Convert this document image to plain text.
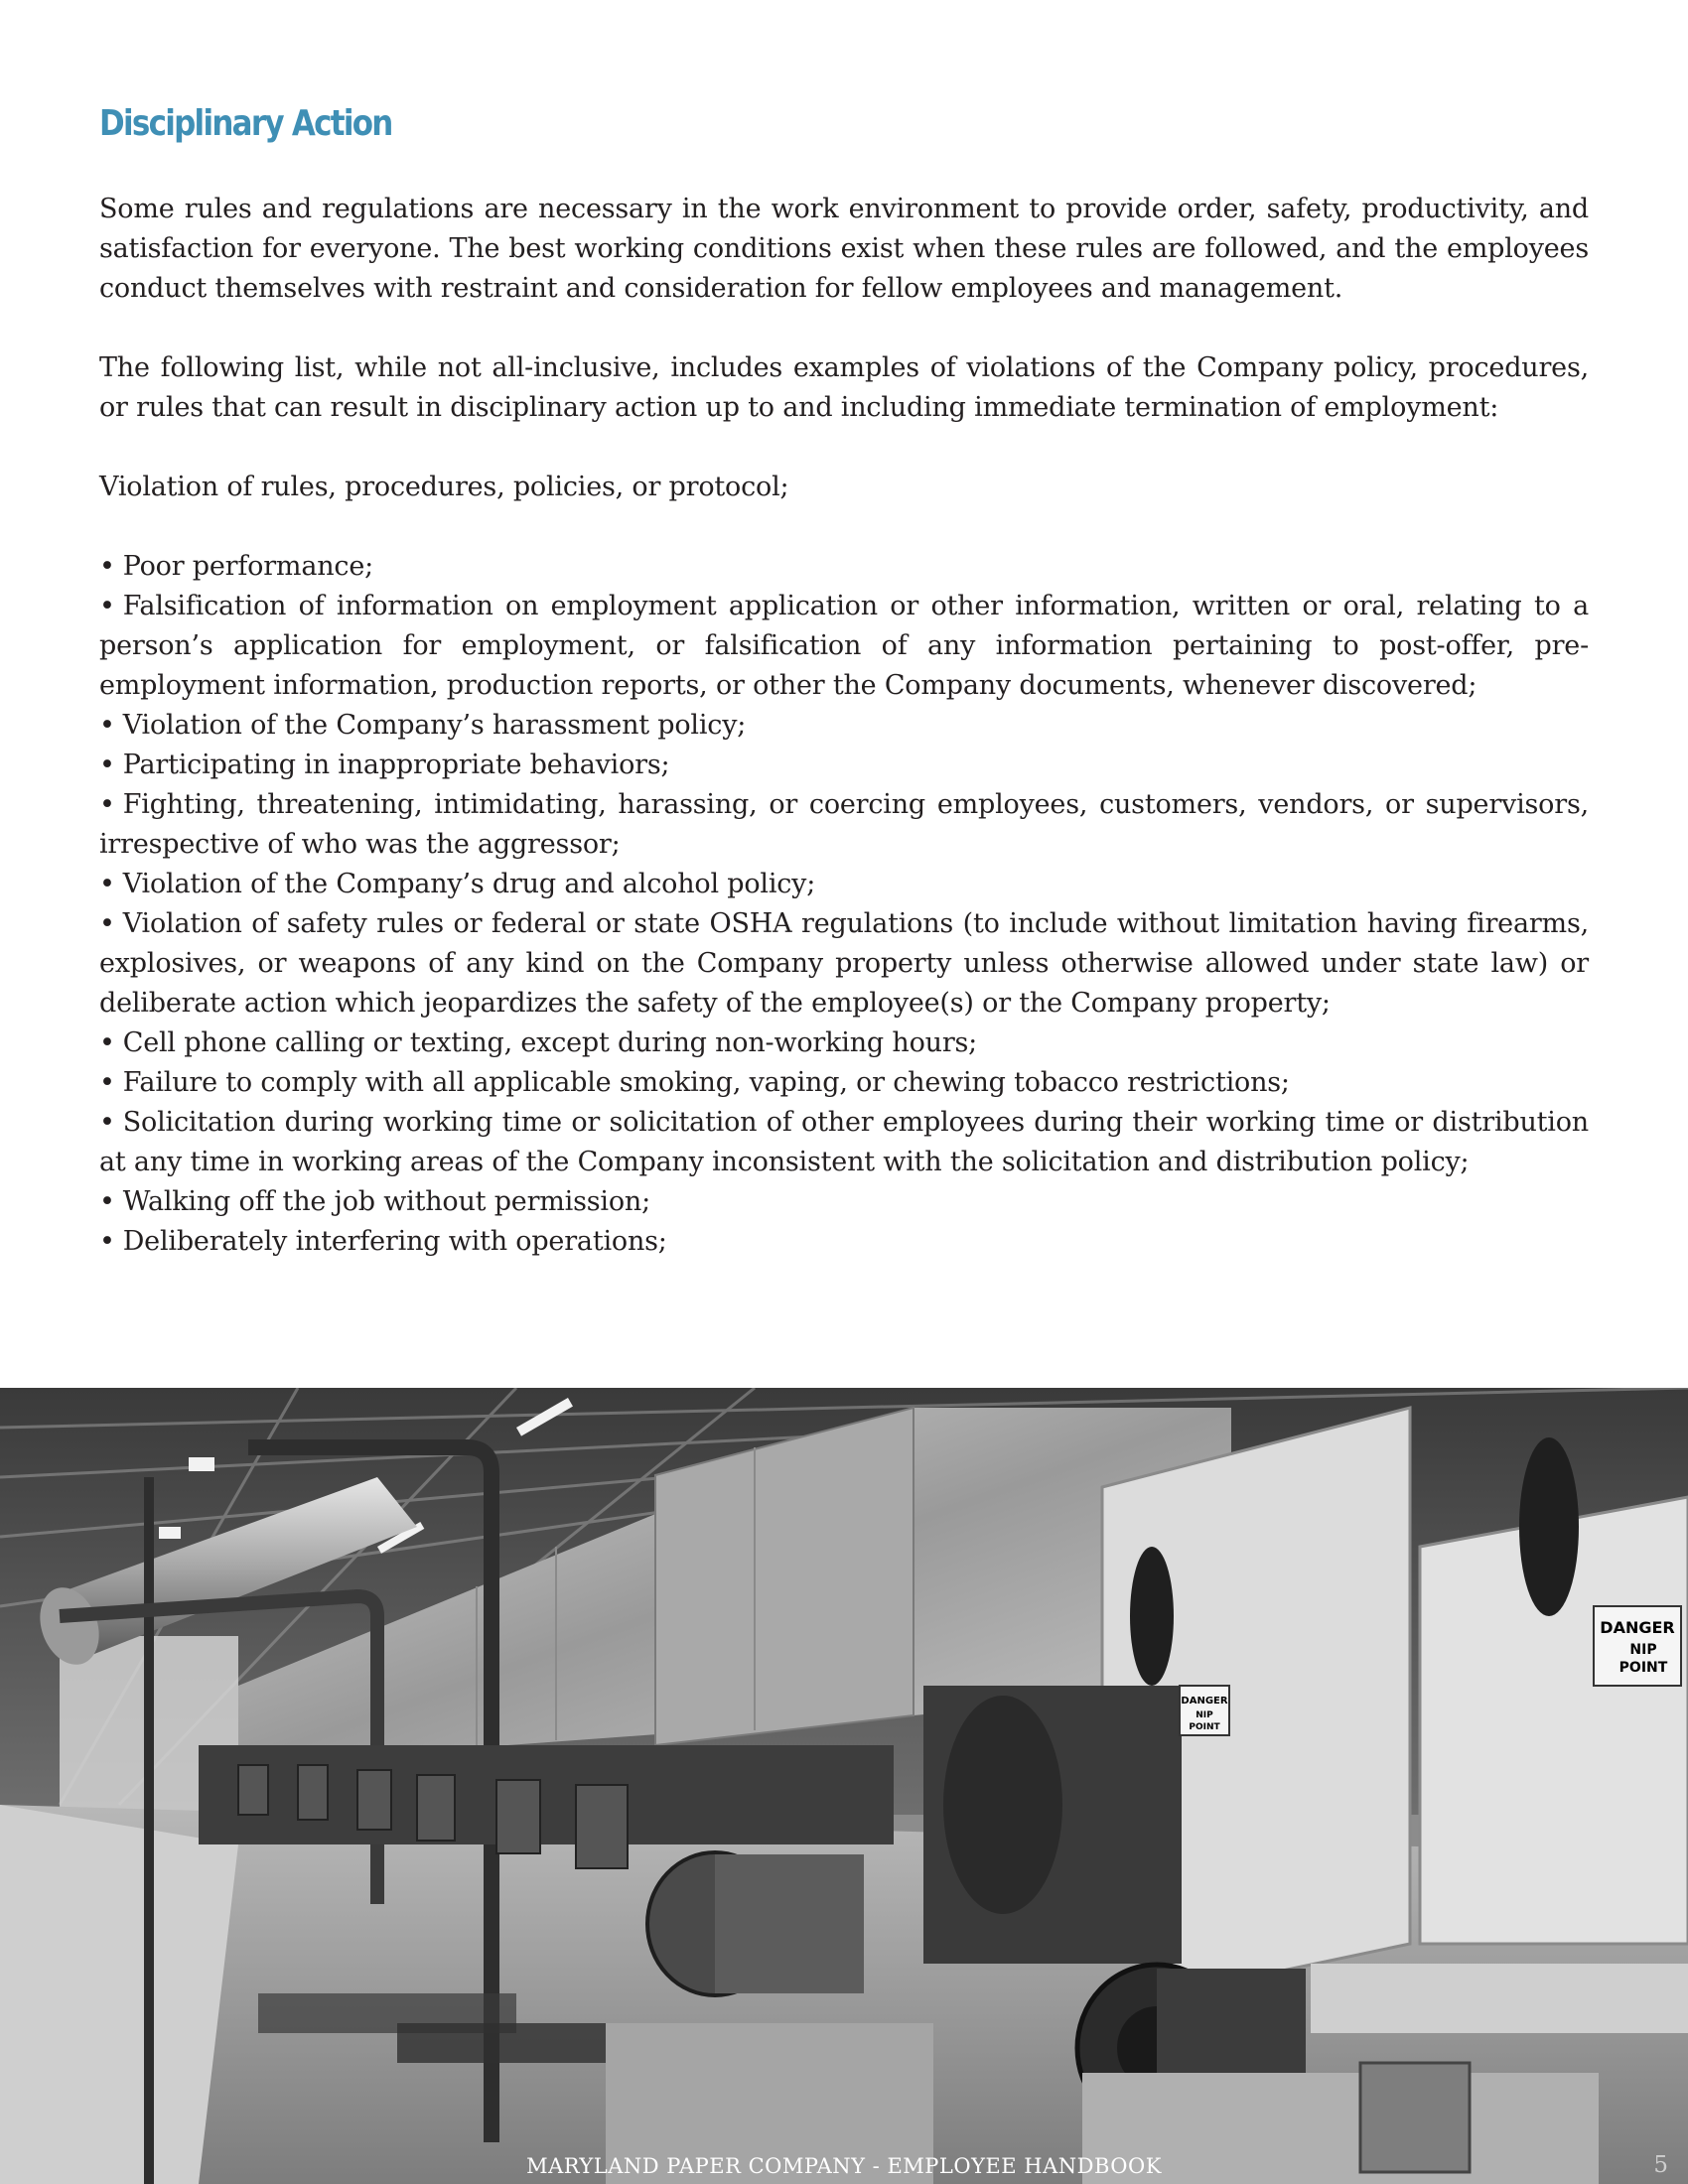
Disciplinary Action

Some rules and regulations are necessary in the work environment to provide order, safety, productivity, and satisfaction for everyone. The best working conditions exist when these rules are followed, and the employees conduct themselves with restraint and consideration for fellow employees and management.

The following list, while not all-inclusive, includes examples of violations of the Company policy, procedures, or rules that can result in disciplinary action up to and including immediate termination of employment:

Violation of rules, procedures, policies, or protocol;

• Poor performance;
• Falsification of information on employment application or other information, written or oral, relating to a person’s application for employment, or falsification of any information pertaining to post-offer, pre-employment information, production reports, or other the Company documents, whenever discovered;
• Violation of the Company’s harassment policy;
• Participating in inappropriate behaviors;
• Fighting, threatening, intimidating, harassing, or coercing employees, customers, vendors, or supervisors, irrespective of who was the aggressor;
• Violation of the Company’s drug and alcohol policy;
• Violation of safety rules or federal or state OSHA regulations (to include without limitation having firearms, explosives, or weapons of any kind on the Company property unless otherwise allowed under state law) or deliberate action which jeopardizes the safety of the employee(s) or the Company property;
• Cell phone calling or texting, except during non-working hours;
• Failure to comply with all applicable smoking, vaping, or chewing tobacco restrictions;
• Solicitation during working time or solicitation of other employees during their working time or distribution at any time in working areas of the Company inconsistent with the solicitation and distribution policy;
• Walking off the job without permission;
• Deliberately interfering with operations;
DANGER
NIP
POINT
DANGER
NIP
POINT
MARYLAND PAPER COMPANY - EMPLOYEE HANDBOOK	5
